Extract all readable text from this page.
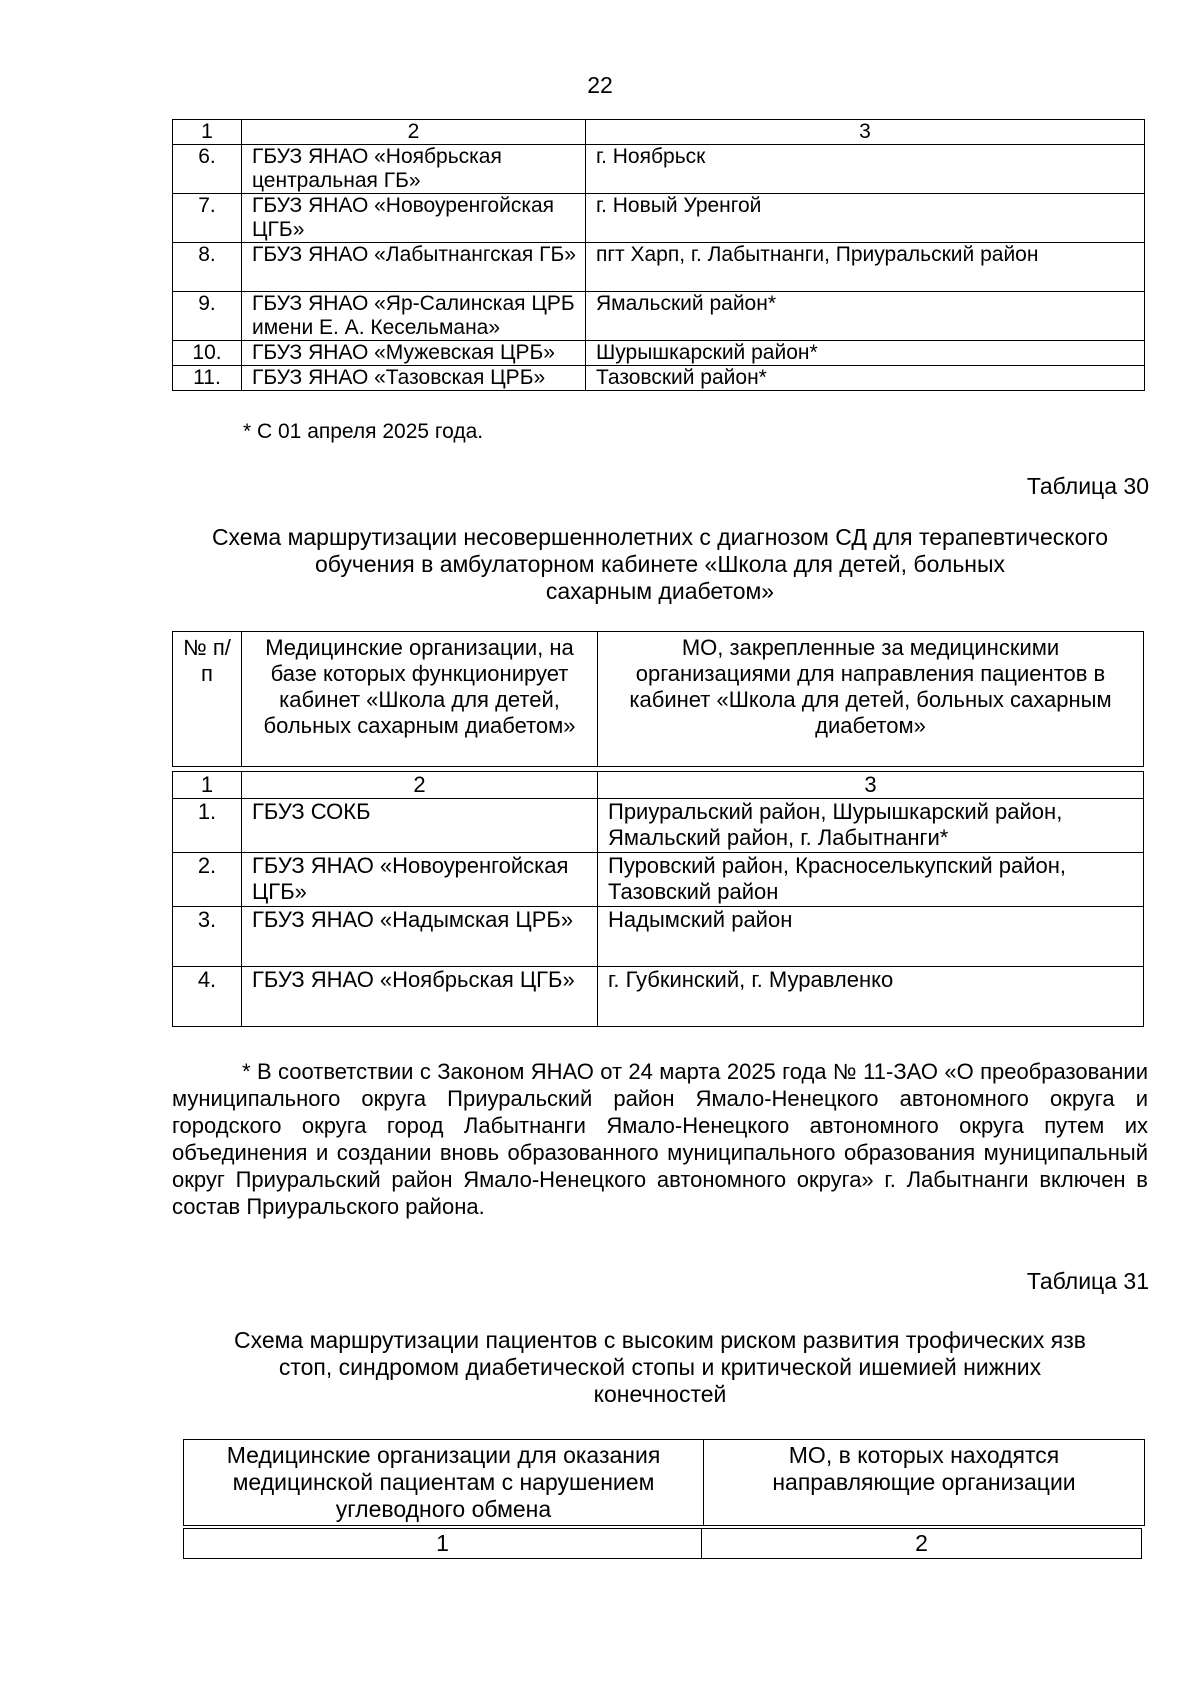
22
1	2	3
6.	ГБУЗ ЯНАО «Ноябрьская центральная ГБ»	г. Ноябрьск
7.	ГБУЗ ЯНАО «Новоуренгойская ЦГБ»	г. Новый Уренгой
8.	ГБУЗ ЯНАО «Лабытнангская ГБ»	пгт Харп, г. Лабытнанги, Приуральский район
9.	ГБУЗ ЯНАО «Яр-Салинская ЦРБ имени Е. А. Кесельмана»	Ямальский район*
10.	ГБУЗ ЯНАО «Мужевская ЦРБ»	Шурышкарский район*
11.	ГБУЗ ЯНАО «Тазовская ЦРБ»	Тазовский район*
* С 01 апреля 2025 года.
Таблица 30
Схема маршрутизации несовершеннолетних с диагнозом СД для терапевтического
обучения в амбулаторном кабинете «Школа для детей, больных
сахарным диабетом»
№ п/п	Медицинские организации, на базе которых функционирует кабинет «Школа для детей, больных сахарным диабетом»	МО, закрепленные за медицинскими организациями для направления пациентов в кабинет «Школа для детей, больных сахарным диабетом»
1	2	3
1.	ГБУЗ СОКБ	Приуральский район, Шурышкарский район, Ямальский район, г. Лабытнанги*
2.	ГБУЗ ЯНАО «Новоуренгойская ЦГБ»	Пуровский район, Красноселькупский район, Тазовский район
3.	ГБУЗ ЯНАО «Надымская ЦРБ»	Надымский район
4.	ГБУЗ ЯНАО «Ноябрьская ЦГБ»	г. Губкинский, г. Муравленко
* В соответствии с Законом ЯНАО от 24 марта 2025 года № 11-ЗАО «О преобразовании муниципального округа Приуральский район Ямало-Ненецкого автономного округа и городского округа город Лабытнанги Ямало-Ненецкого автономного округа путем их объединения и создании вновь образованного муниципального образования муниципальный округ Приуральский район Ямало-Ненецкого автономного округа» г. Лабытнанги включен в состав Приуральского района.
Таблица 31
Схема маршрутизации пациентов с высоким риском развития трофических язв
стоп, синдромом диабетической стопы и критической ишемией нижних
конечностей
Медицинские организации для оказания медицинской пациентам с нарушением углеводного обмена	МО, в которых находятся направляющие организации
1	2
